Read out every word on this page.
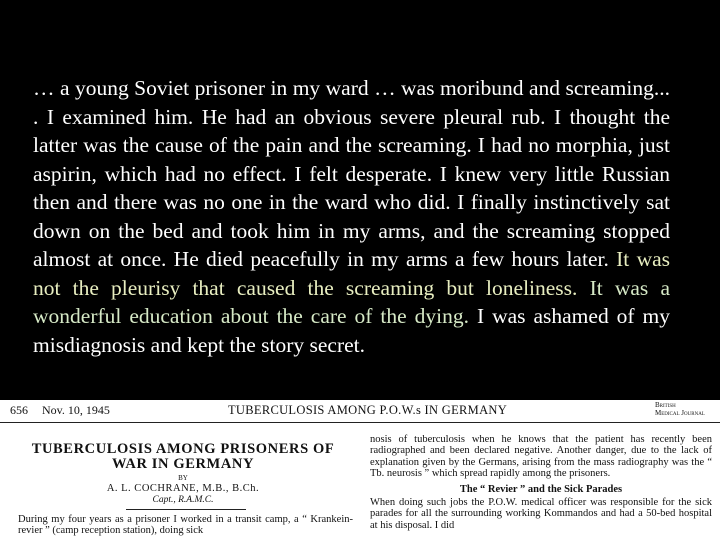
… a young Soviet prisoner in my ward … was moribund and screaming... . I examined him. He had an obvious severe pleural rub. I thought the latter was the cause of the pain and the screaming. I had no morphia, just aspirin, which had no effect. I felt desperate. I knew very little Russian then and there was no one in the ward who did. I finally instinctively sat down on the bed and took him in my arms, and the screaming stopped almost at once. He died peacefully in my arms a few hours later. It was not the pleurisy that caused the screaming but loneliness. It was a wonderful education about the care of the dying. I was ashamed of my misdiagnosis and kept the story secret.

656 Nov. 10, 1945	TUBERCULOSIS AMONG P.O.W.s IN GERMANY	British
Medical Journal
TUBERCULOSIS AMONG PRISONERS OF WAR IN GERMANY
BY
A. L. COCHRANE, M.B., B.Ch.
Capt., R.A.M.C.
During my four years as a prisoner I worked in a transit camp, a “ Krankein-revier ” (camp reception station), doing sick
nosis of tuberculosis when he knows that the patient has recently been radiographed and been declared negative. Another danger, due to the lack of explanation given by the Germans, arising from the mass radiography was the “ Tb. neurosis ” which spread rapidly among the prisoners.
The “ Revier ” and the Sick Parades
When doing such jobs the P.O.W. medical officer was responsible for the sick parades for all the surrounding working Kommandos and had a 50-bed hospital at his disposal. I did
